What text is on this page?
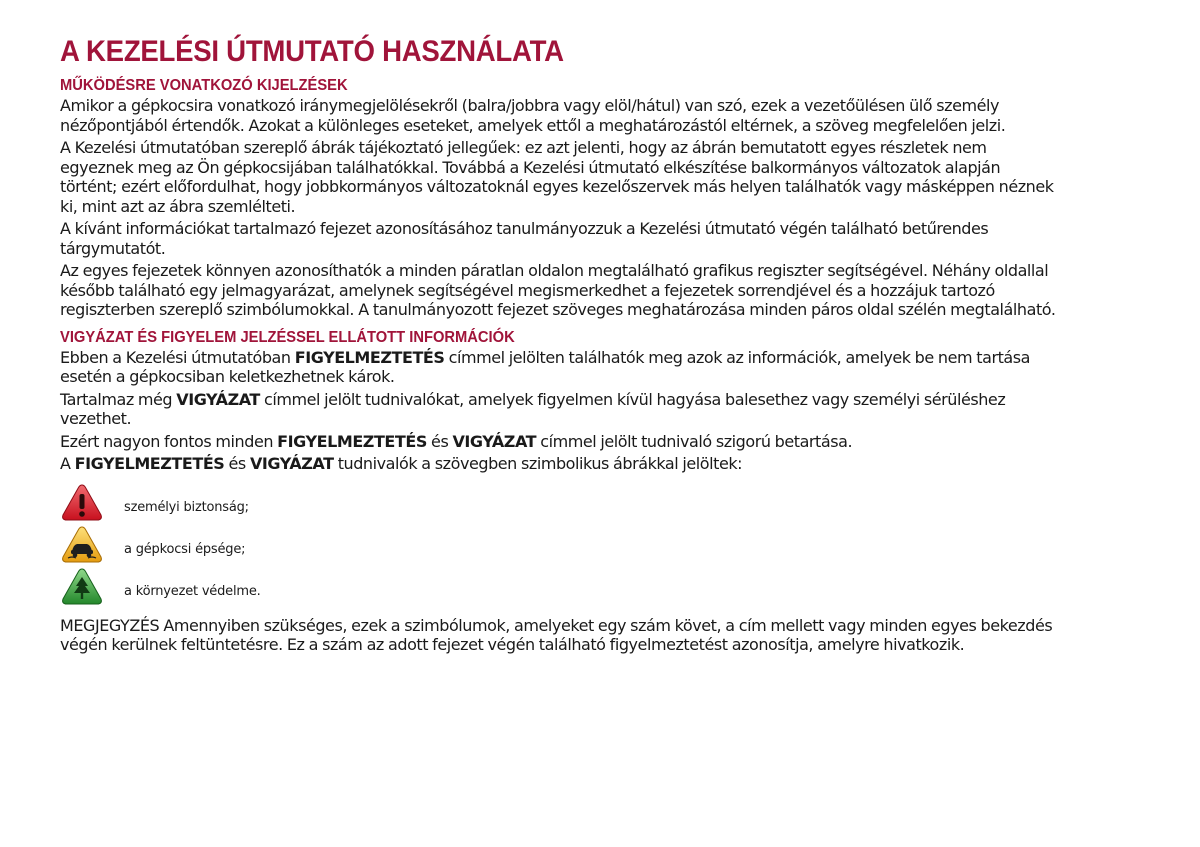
A KEZELÉSI ÚTMUTATÓ HASZNÁLATA
MŰKÖDÉSRE VONATKOZÓ KIJELZÉSEK

Amikor a gépkocsira vonatkozó iránymegjelölésekről (balra/jobbra vagy elöl/hátul) van szó, ezek a vezetőülésen ülő személy nézőpontjából értendők. Azokat a különleges eseteket, amelyek ettől a meghatározástól eltérnek, a szöveg megfelelően jelzi.

A Kezelési útmutatóban szereplő ábrák tájékoztató jellegűek: ez azt jelenti, hogy az ábrán bemutatott egyes részletek nem egyeznek meg az Ön gépkocsijában találhatókkal. Továbbá a Kezelési útmutató elkészítése balkormányos változatok alapján történt; ezért előfordulhat, hogy jobbkormányos változatoknál egyes kezelőszervek más helyen találhatók vagy másképpen néznek ki, mint azt az ábra szemlélteti.

A kívánt információkat tartalmazó fejezet azonosításához tanulmányozzuk a Kezelési útmutató végén található betűrendes tárgymutatót.

Az egyes fejezetek könnyen azonosíthatók a minden páratlan oldalon megtalálható grafikus regiszter segítségével. Néhány oldallal később található egy jelmagyarázat, amelynek segítségével megismerkedhet a fejezetek sorrendjével és a hozzájuk tartozó regiszterben szereplő szimbólumokkal. A tanulmányozott fejezet szöveges meghatározása minden páros oldal szélén megtalálható.

VIGYÁZAT ÉS FIGYELEM JELZÉSSEL ELLÁTOTT INFORMÁCIÓK

Ebben a Kezelési útmutatóban FIGYELMEZTETÉS címmel jelölten találhatók meg azok az információk, amelyek be nem tartása esetén a gépkocsiban keletkezhetnek károk.

Tartalmaz még VIGYÁZAT címmel jelölt tudnivalókat, amelyek figyelmen kívül hagyása balesethez vagy személyi sérüléshez vezethet.

Ezért nagyon fontos minden FIGYELMEZTETÉS és VIGYÁZAT címmel jelölt tudnivaló szigorú betartása.

A FIGYELMEZTETÉS és VIGYÁZAT tudnivalók a szövegben szimbolikus ábrákkal jelöltek:

személyi biztonság;
a gépkocsi épsége;
a környezet védelme.

MEGJEGYZÉS Amennyiben szükséges, ezek a szimbólumok, amelyeket egy szám követ, a cím mellett vagy minden egyes bekezdés végén kerülnek feltüntetésre. Ez a szám az adott fejezet végén található figyelmeztetést azonosítja, amelyre hivatkozik.
